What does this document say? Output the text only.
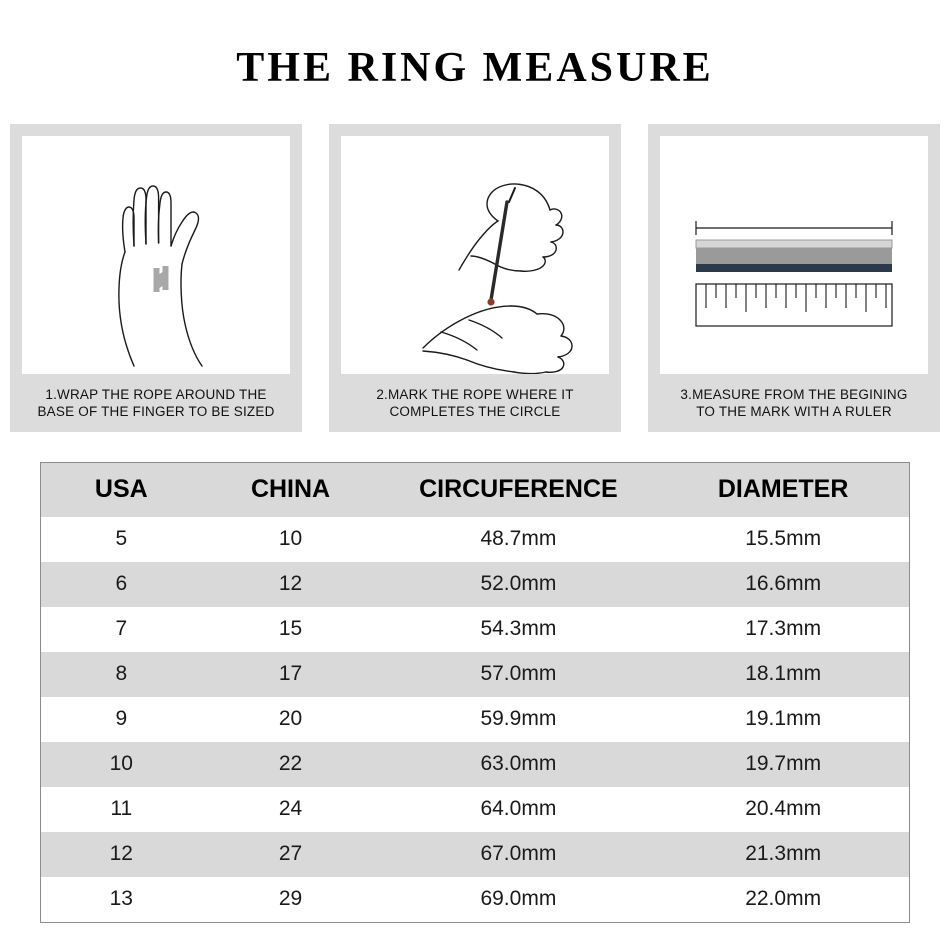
THE RING MEASURE
1.WRAP THE ROPE AROUND THE
BASE OF THE FINGER TO BE SIZED
2.MARK THE ROPE WHERE IT
COMPLETES THE CIRCLE
3.MEASURE FROM THE BEGINING
TO THE MARK WITH A RULER
USA	CHINA	CIRCUFERENCE	DIAMETER
5	10	48.7mm	15.5mm
6	12	52.0mm	16.6mm
7	15	54.3mm	17.3mm
8	17	57.0mm	18.1mm
9	20	59.9mm	19.1mm
10	22	63.0mm	19.7mm
11	24	64.0mm	20.4mm
12	27	67.0mm	21.3mm
13	29	69.0mm	22.0mm
